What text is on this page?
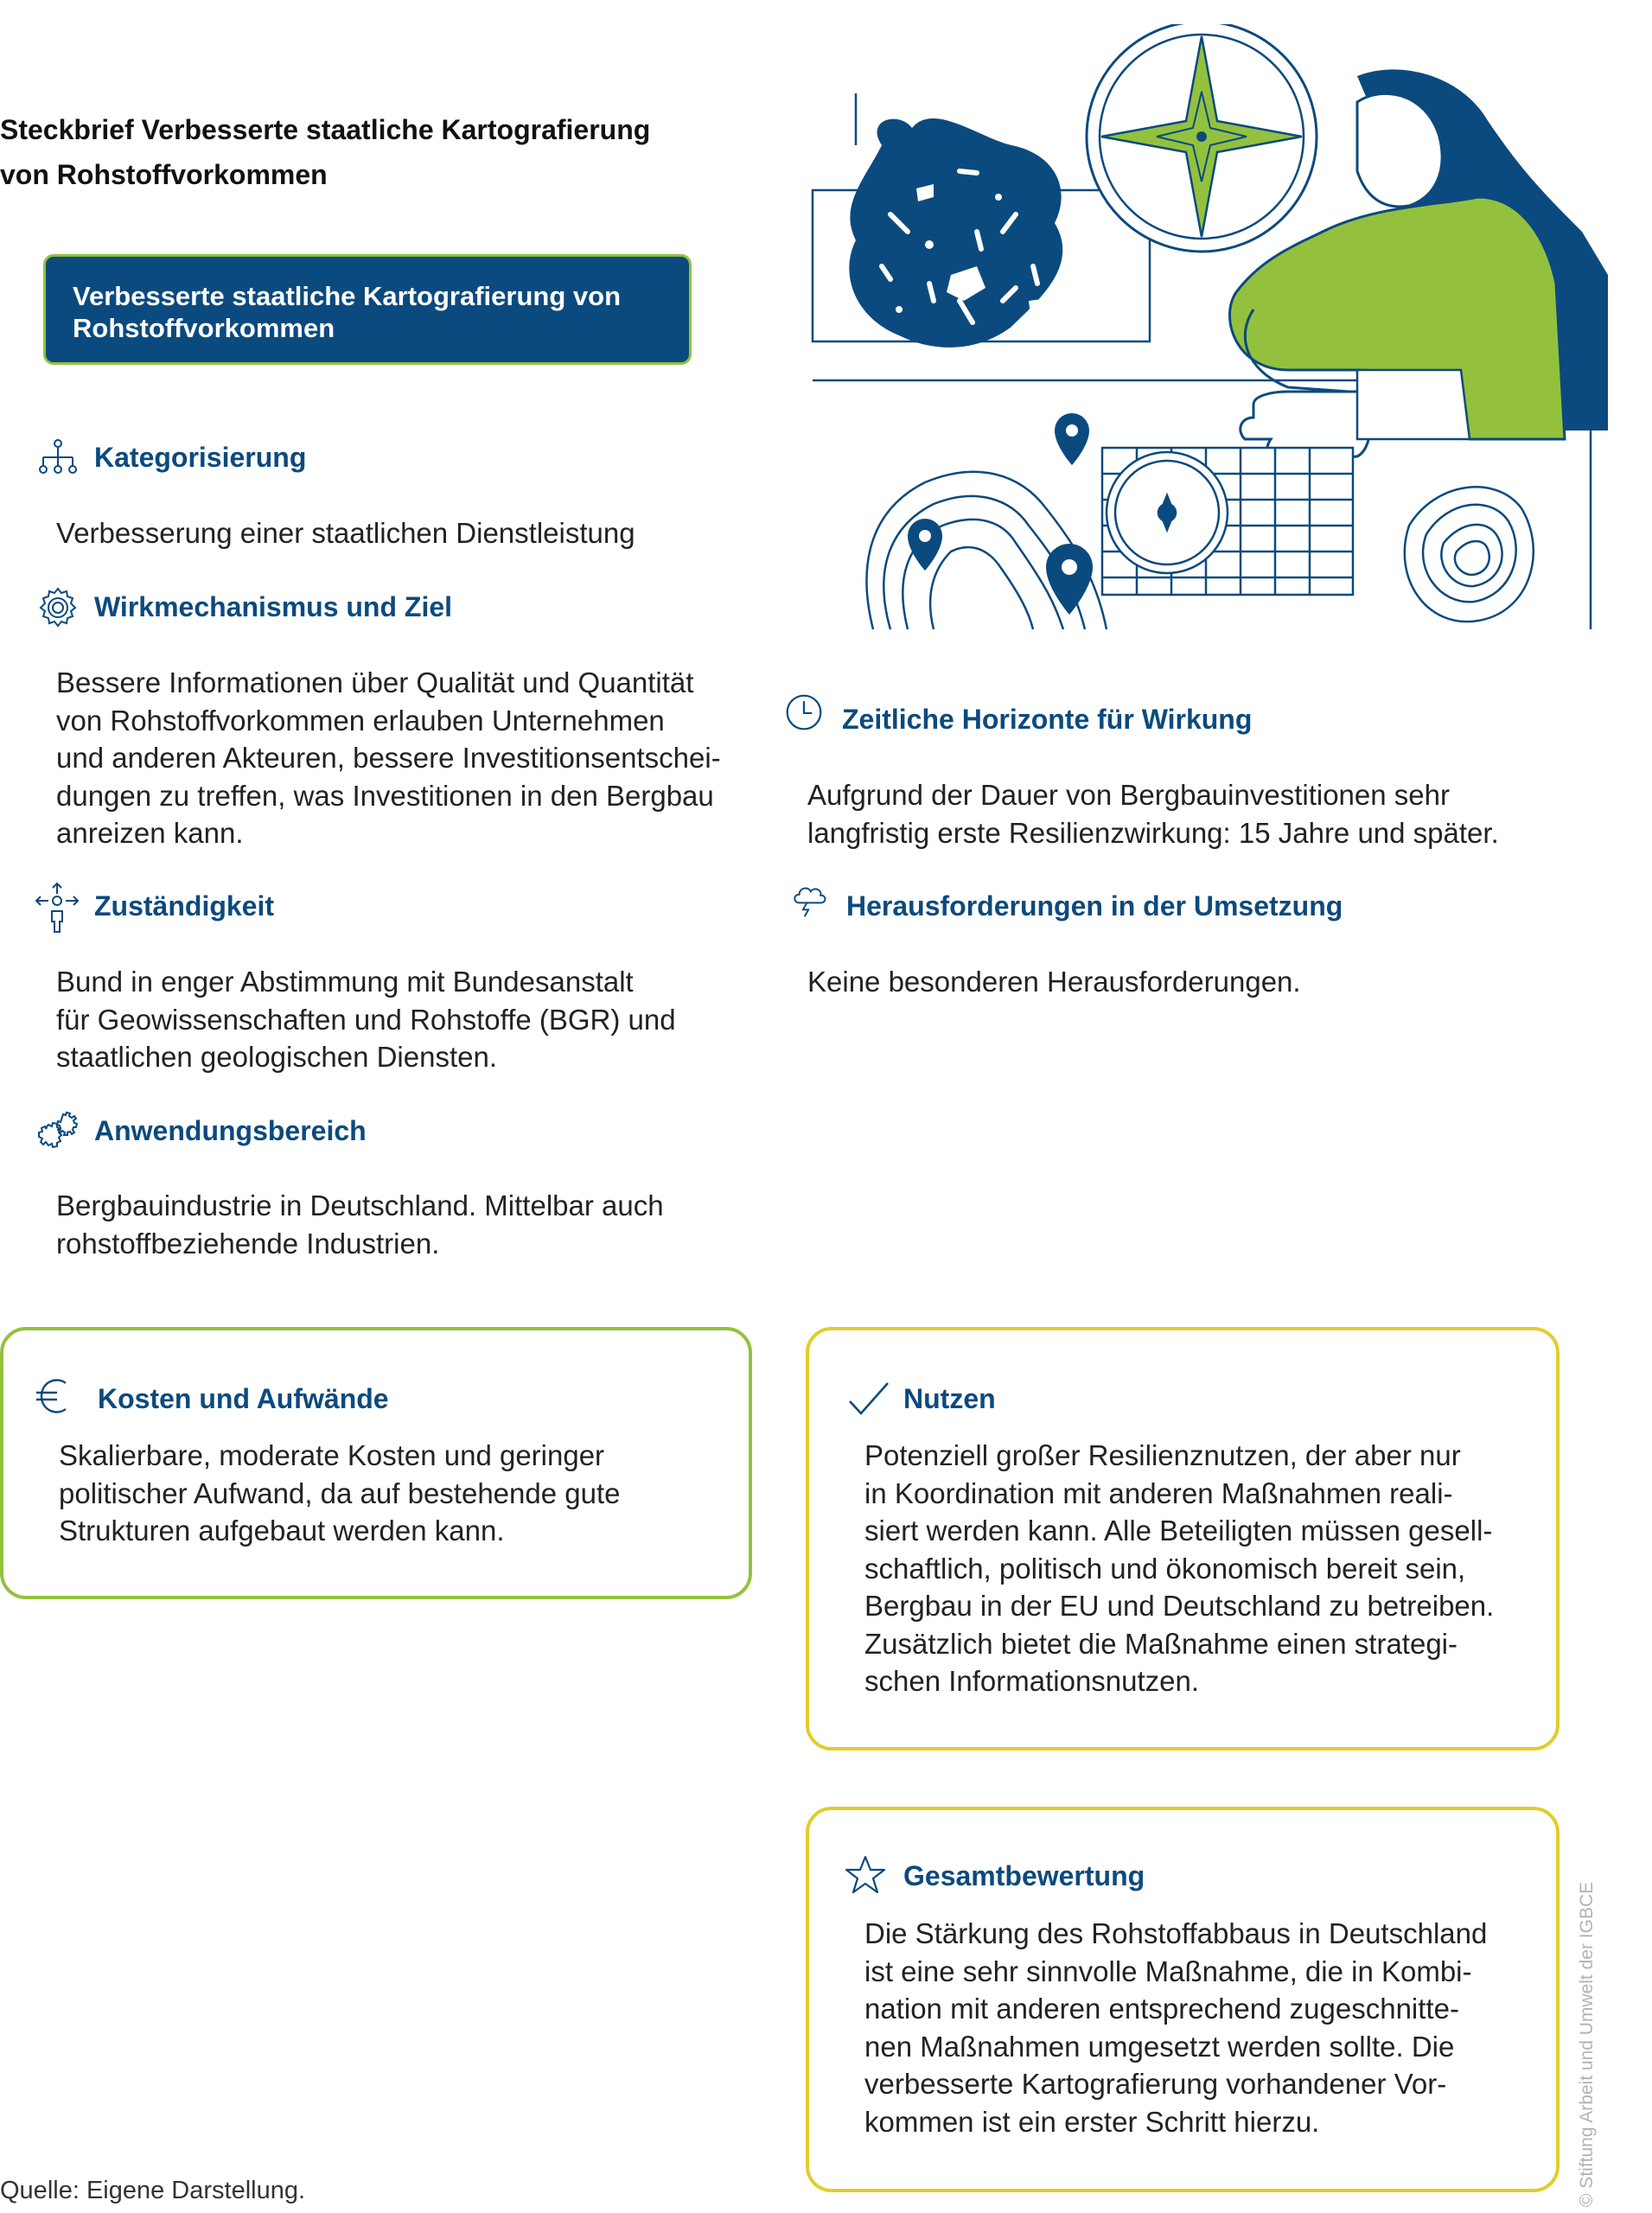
Steckbrief Verbesserte staatliche Kartografierung
von Rohstoffvorkommen
Verbesserte staatliche Kartografierung von
Rohstoffvorkommen
Kategorisierung
Verbesserung einer staatlichen Dienstleistung
Wirkmechanismus und Ziel
Bessere Informationen über Qualität und Quantität
von Rohstoffvorkommen erlauben Unternehmen
und anderen Akteuren, bessere Investitionsentschei-
dungen zu treffen, was Investitionen in den Bergbau
anreizen kann.
Zuständigkeit
Bund in enger Abstimmung mit Bundesanstalt
für Geowissenschaften und Rohstoffe (BGR) und
staatlichen geologischen Diensten.
Anwendungsbereich
Bergbauindustrie in Deutschland. Mittelbar auch
rohstoffbeziehende Industrien.
Zeitliche Horizonte für Wirkung
Aufgrund der Dauer von Bergbauinvestitionen sehr
langfristig erste Resilienzwirkung: 15 Jahre und später.
Herausforderungen in der Umsetzung
Keine besonderen Herausforderungen.
Kosten und Aufwände
Skalierbare, moderate Kosten und geringer
politischer Aufwand, da auf bestehende gute
Strukturen aufgebaut werden kann.
Nutzen
Potenziell großer Resilienznutzen, der aber nur
in Koordination mit anderen Maßnahmen reali-
siert werden kann. Alle Beteiligten müssen gesell-
schaftlich, politisch und ökonomisch bereit sein,
Bergbau in der EU und Deutschland zu betreiben.
Zusätzlich bietet die Maßnahme einen strategi-
schen Informationsnutzen.
Gesamtbewertung
Die Stärkung des Rohstoffabbaus in Deutschland
ist eine sehr sinnvolle Maßnahme, die in Kombi-
nation mit anderen entsprechend zugeschnitte-
nen Maßnahmen umgesetzt werden sollte. Die
verbesserte Kartografierung vorhandener Vor-
kommen ist ein erster Schritt hierzu.
Quelle: Eigene Darstellung.	© Stiftung Arbeit und Umwelt der IGBCE
